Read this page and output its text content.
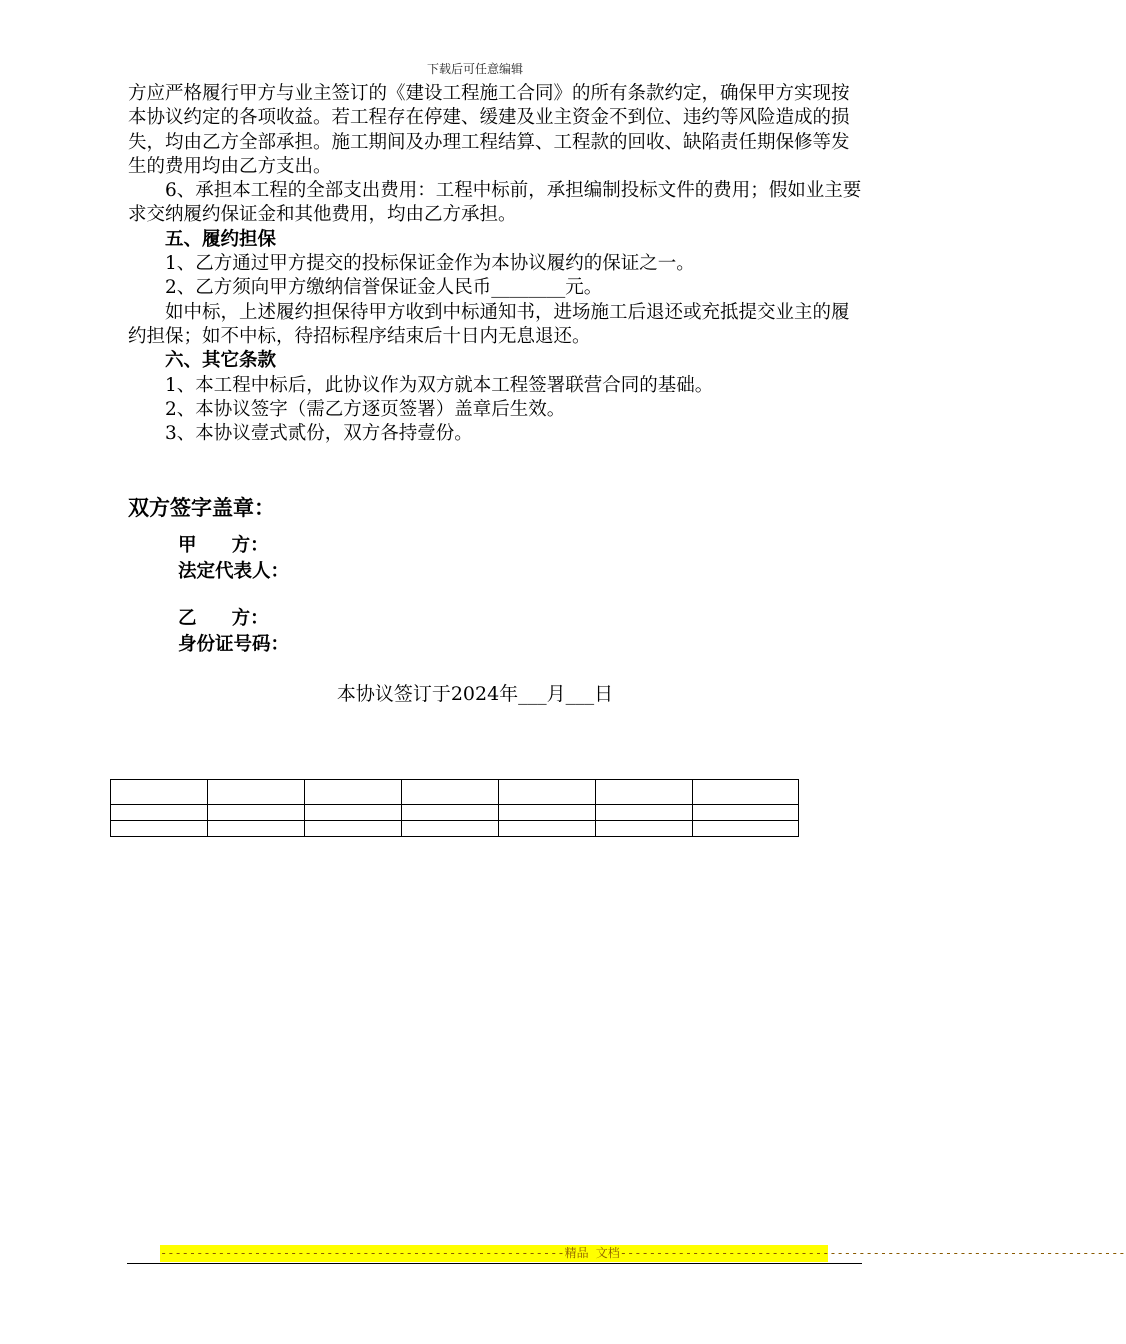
下载后可任意编辑

方应严格履行甲方与业主签订的《建设工程施工合同》的所有条款约定，确保甲方实现按本协议约定的各项收益。若工程存在停建、缓建及业主资金不到位、违约等风险造成的损失，均由乙方全部承担。施工期间及办理工程结算、工程款的回收、缺陷责任期保修等发生的费用均由乙方支出。

6、承担本工程的全部支出费用：工程中标前，承担编制投标文件的费用；假如业主要求交纳履约保证金和其他费用，均由乙方承担。

五、履约担保

1、乙方通过甲方提交的投标保证金作为本协议履约的保证之一。

2、乙方须向甲方缴纳信誉保证金人民币________元。

如中标，上述履约担保待甲方收到中标通知书，进场施工后退还或充抵提交业主的履约担保；如不中标，待招标程序结束后十日内无息退还。

六、其它条款

1、本工程中标后，此协议作为双方就本工程签署联营合同的基础。

2、本协议签字（需乙方逐页签署）盖章后生效。

3、本协议壹式贰份，双方各持壹份。

双方签字盖章：
甲方：
法定代表人：
乙方：
身份证号码：
本协议签订于2024年___月___日

--------------------------------------------------------精品 文档----------------------------------------------------------------------
